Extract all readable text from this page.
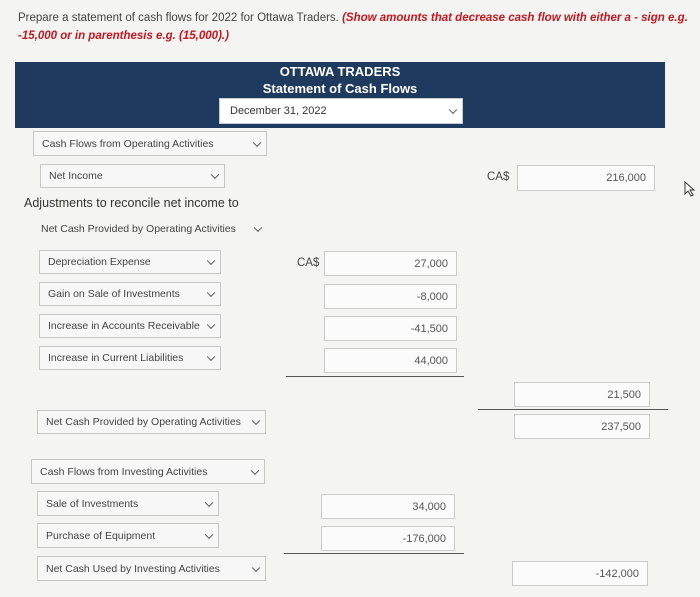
Prepare a statement of cash flows for 2022 for Ottawa Traders. (Show amounts that decrease cash flow with either a - sign e.g.
-15,000 or in parenthesis e.g. (15,000).)
OTTAWA TRADERS
Statement of Cash Flows
December 31, 2022
Cash Flows from Operating Activities
Net Income	CA$	216,000
Adjustments to reconcile net income to
Net Cash Provided by Operating Activities
Depreciation Expense	CA$	27,000
Gain on Sale of Investments	-8,000
Increase in Accounts Receivable	-41,500
Increase in Current Liabilities	44,000
21,500
Net Cash Provided by Operating Activities	237,500
Cash Flows from Investing Activities
Sale of Investments	34,000
Purchase of Equipment	-176,000
Net Cash Used by Investing Activities	-142,000
